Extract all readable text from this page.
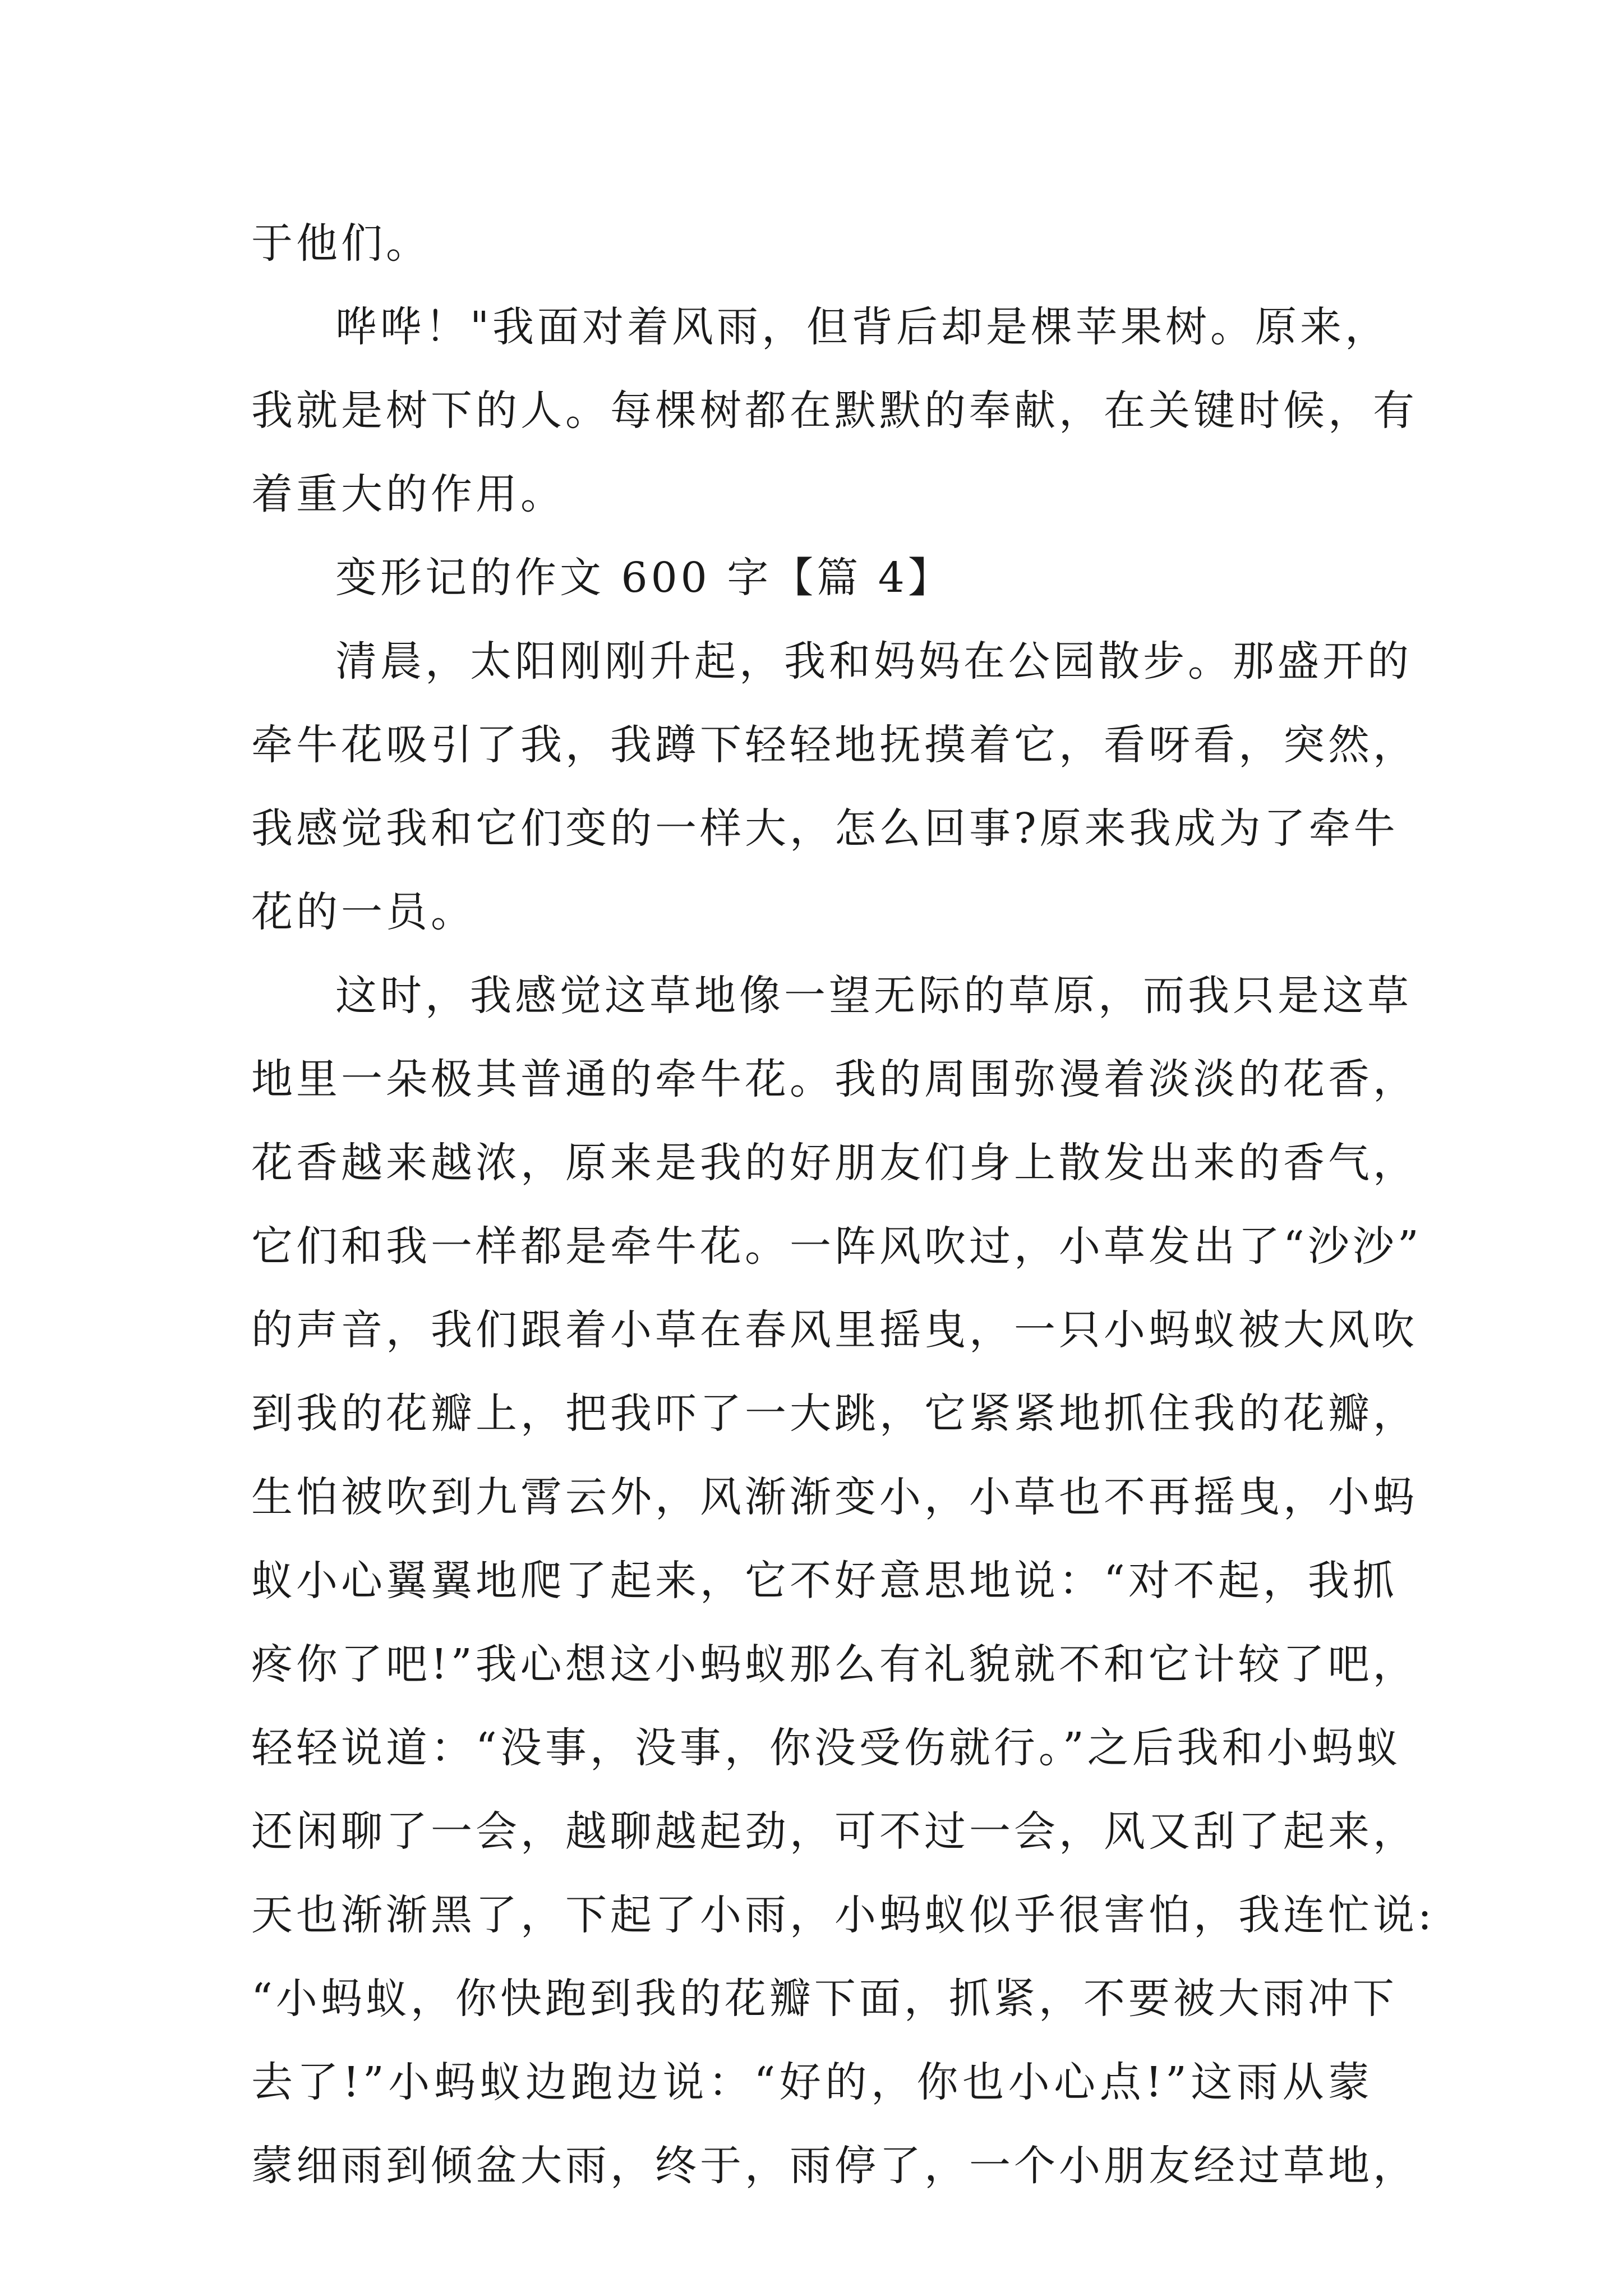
于他们。
哗哗！"我面对着风雨，但背后却是棵苹果树。原来，
我就是树下的人。每棵树都在默默的奉献，在关键时候，有
着重大的作用。
变形记的作文 600 字【篇 4】
清晨，太阳刚刚升起，我和妈妈在公园散步。那盛开的
牵牛花吸引了我，我蹲下轻轻地抚摸着它，看呀看，突然，
我感觉我和它们变的一样大，怎么回事?原来我成为了牵牛
花的一员。
这时，我感觉这草地像一望无际的草原，而我只是这草
地里一朵极其普通的牵牛花。我的周围弥漫着淡淡的花香，
花香越来越浓，原来是我的好朋友们身上散发出来的香气，
它们和我一样都是牵牛花。一阵风吹过，小草发出了“沙沙”
的声音，我们跟着小草在春风里摇曳，一只小蚂蚁被大风吹
到我的花瓣上，把我吓了一大跳，它紧紧地抓住我的花瓣，
生怕被吹到九霄云外，风渐渐变小，小草也不再摇曳，小蚂
蚁小心翼翼地爬了起来，它不好意思地说：“对不起，我抓
疼你了吧!”我心想这小蚂蚁那么有礼貌就不和它计较了吧，
轻轻说道：“没事，没事，你没受伤就行。”之后我和小蚂蚁
还闲聊了一会，越聊越起劲，可不过一会，风又刮了起来，
天也渐渐黑了，下起了小雨，小蚂蚁似乎很害怕，我连忙说:
“小蚂蚁，你快跑到我的花瓣下面，抓紧，不要被大雨冲下
去了!”小蚂蚁边跑边说：“好的，你也小心点!”这雨从蒙
蒙细雨到倾盆大雨，终于，雨停了，一个小朋友经过草地，
